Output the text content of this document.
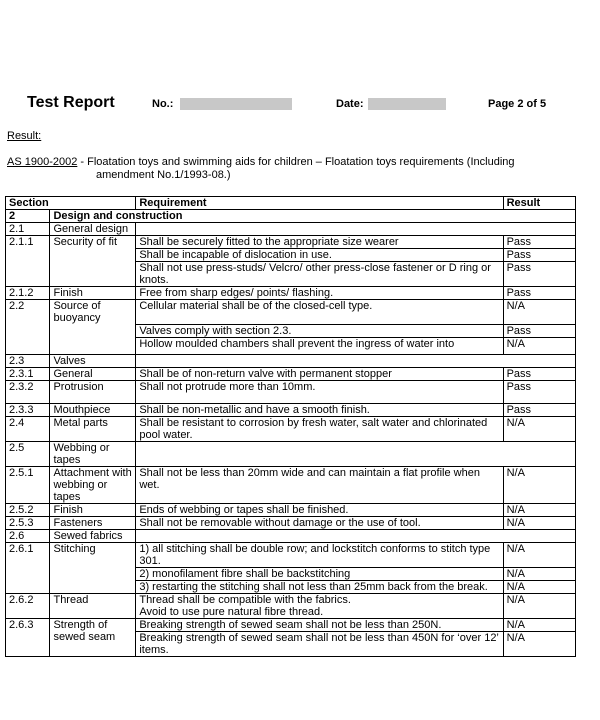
Test Report	No.:	Date:	Page 2 of 5
Result:
AS 1900-2002 - Floatation toys and swimming aids for children – Floatation toys requirements (Including
amendment No.1/1993-08.)
Section		Requirement	Result
2	Design and construction		
2.1	General design		
2.1.1	Security of fit	Shall be securely fitted to the appropriate size wearer	Pass
		Shall be incapable of dislocation in use.	Pass
		Shall not use press-studs/ Velcro/ other press-close fastener or D ring or knots.	Pass
2.1.2	Finish	Free from sharp edges/ points/ flashing.	Pass
2.2	Source of buoyancy	Cellular material shall be of the closed-cell type.	N/A
		Valves comply with section 2.3.	Pass
		Hollow moulded chambers shall prevent the ingress of water into	N/A
2.3	Valves		
2.3.1	General	Shall be of non-return valve with permanent stopper	Pass
2.3.2	Protrusion	Shall not protrude more than 10mm.	Pass
2.3.3	Mouthpiece	Shall be non-metallic and have a smooth finish.	Pass
2.4	Metal parts	Shall be resistant to corrosion by fresh water, salt water and chlorinated pool water.	N/A
2.5	Webbing or tapes		
2.5.1	Attachment with webbing or tapes	Shall not be less than 20mm wide and can maintain a flat profile when wet.	N/A
2.5.2	Finish	Ends of webbing or tapes shall be finished.	N/A
2.5.3	Fasteners	Shall not be removable without damage or the use of tool.	N/A
2.6	Sewed fabrics		
2.6.1	Stitching	1) all stitching shall be double row; and lockstitch conforms to stitch type 301.	N/A
		2) monofilament fibre shall be backstitching	N/A
		3) restarting the stitching shall not less than 25mm back from the break.	N/A
2.6.2	Thread	Thread shall be compatible with the fabrics.
Avoid to use pure natural fibre thread.	N/A
2.6.3	Strength of sewed seam	Breaking strength of sewed seam shall not be less than 250N.	N/A
		Breaking strength of sewed seam shall not be less than 450N for ‘over 12’ items.	N/A
